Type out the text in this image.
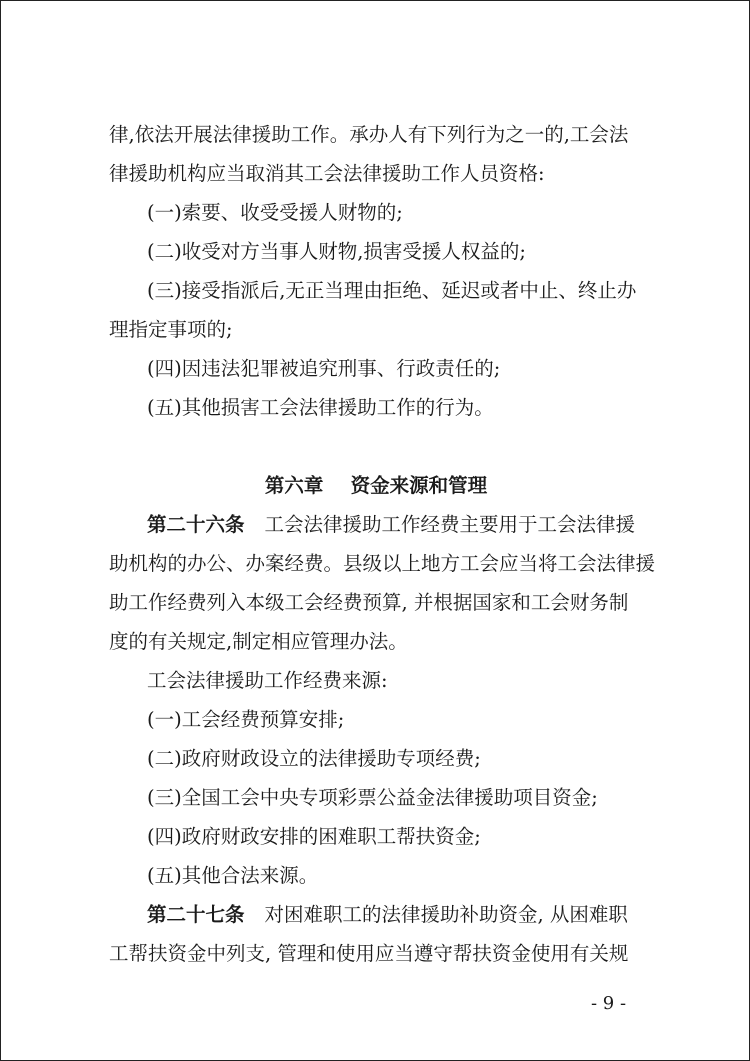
律,依法开展法律援助工作。承办人有下列行为之一的,工会法
律援助机构应当取消其工会法律援助工作人员资格:
(一)索要、收受受援人财物的;
(二)收受对方当事人财物,损害受援人权益的;
(三)接受指派后,无正当理由拒绝、延迟或者中止、终止办
理指定事项的;
(四)因违法犯罪被追究刑事、行政责任的;
(五)其他损害工会法律援助工作的行为。
第六章    资金来源和管理
第二十六条 工会法律援助工作经费主要用于工会法律援
助机构的办公、办案经费。县级以上地方工会应当将工会法律援
助工作经费列入本级工会经费预算, 并根据国家和工会财务制
度的有关规定,制定相应管理办法。
工会法律援助工作经费来源:
(一)工会经费预算安排;
(二)政府财政设立的法律援助专项经费;
(三)全国工会中央专项彩票公益金法律援助项目资金;
(四)政府财政安排的困难职工帮扶资金;
(五)其他合法来源。
第二十七条 对困难职工的法律援助补助资金, 从困难职
工帮扶资金中列支, 管理和使用应当遵守帮扶资金使用有关规
- 9 -
